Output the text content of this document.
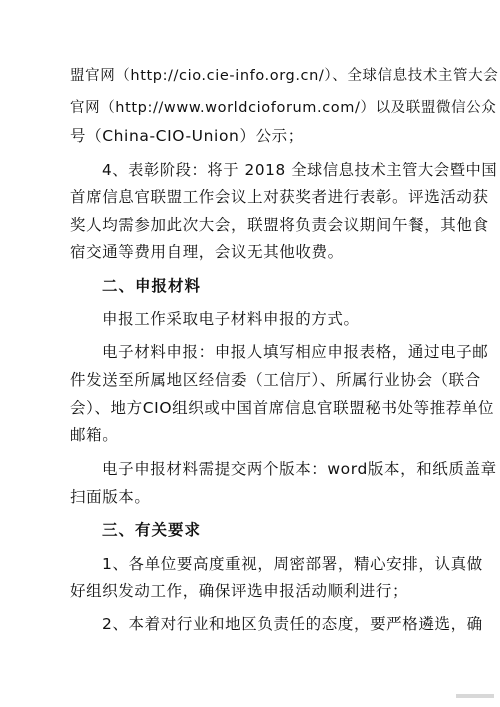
盟官网（http://cio.cie-info.org.cn/）、全球信息技术主管大会
官网（http://www.worldcioforum.com/）以及联盟微信公众
号（China-CIO-Union）公示；
4、表彰阶段：将于 2018 全球信息技术主管大会暨中国
首席信息官联盟工作会议上对获奖者进行表彰。评选活动获
奖人均需参加此次大会，联盟将负责会议期间午餐，其他食
宿交通等费用自理，会议无其他收费。
二、申报材料
申报工作采取电子材料申报的方式。
电子材料申报：申报人填写相应申报表格，通过电子邮
件发送至所属地区经信委（工信厅）、所属行业协会（联合
会）、地方CIO组织或中国首席信息官联盟秘书处等推荐单位
邮箱。
电子申报材料需提交两个版本：word版本，和纸质盖章
扫面版本。
三、有关要求
1、各单位要高度重视，周密部署，精心安排，认真做
好组织发动工作，确保评选申报活动顺利进行；
2、本着对行业和地区负责任的态度，要严格遴选，确
